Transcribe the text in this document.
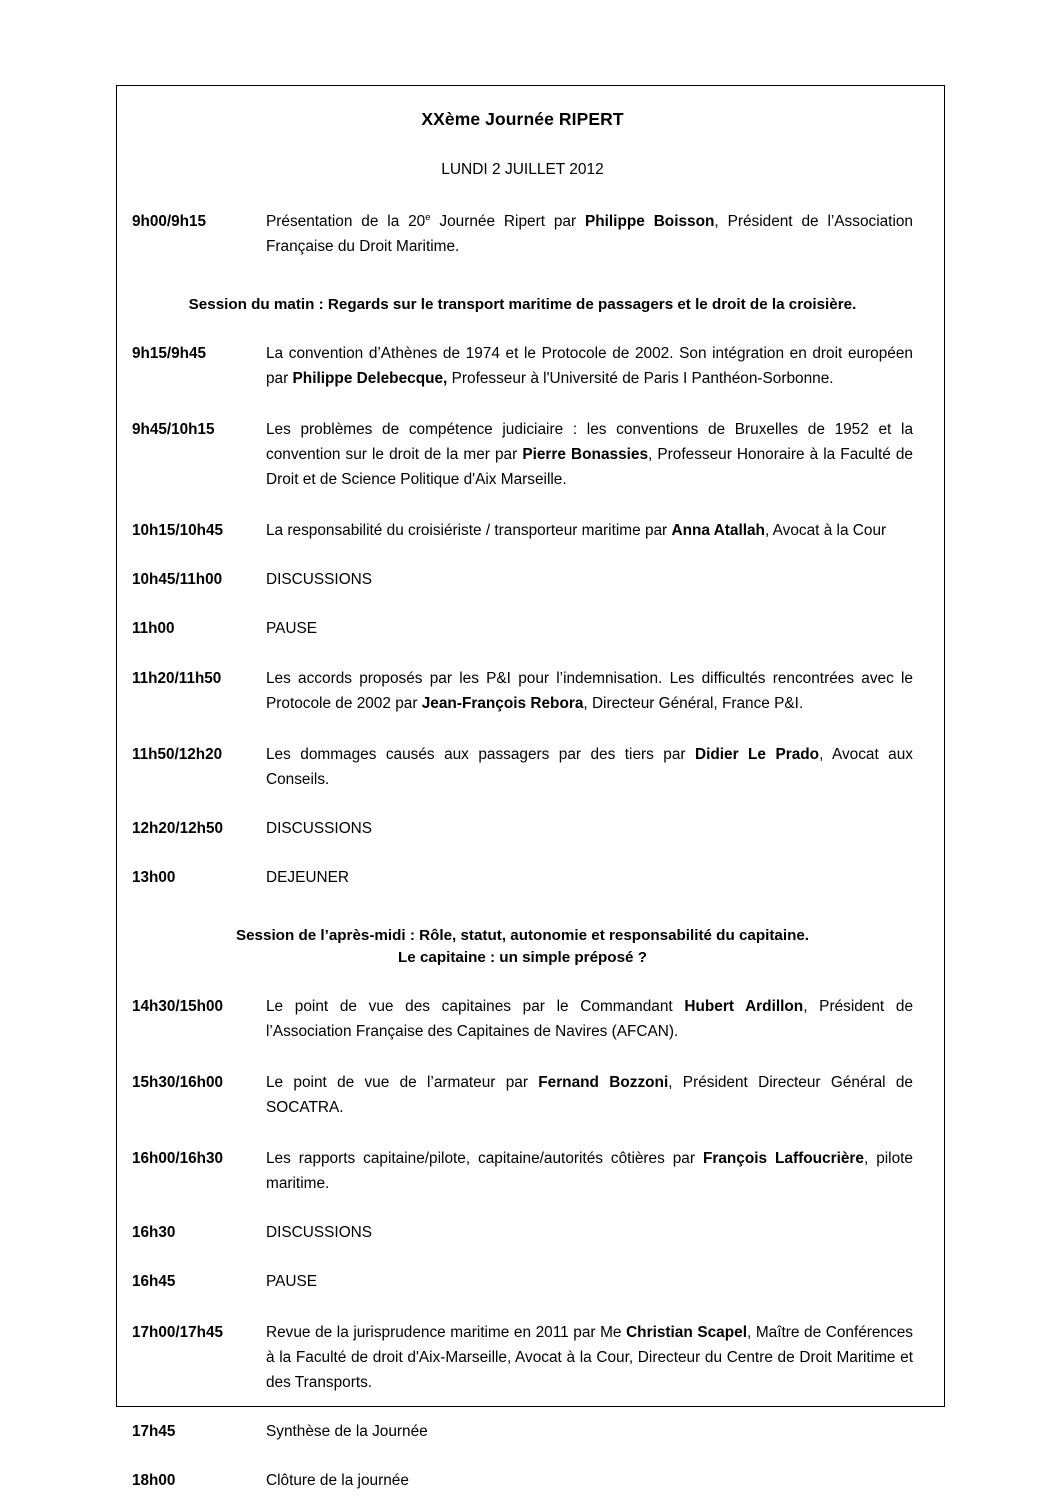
XXème Journée RIPERT
LUNDI 2 JUILLET 2012
9h00/9h15	Présentation de la 20e Journée Ripert par Philippe Boisson, Président de l’Association Française du Droit Maritime.
Session du matin : Regards sur le transport maritime de passagers et le droit de la croisière.
9h15/9h45	La convention d’Athènes de 1974 et le Protocole de 2002. Son intégration en droit européen par Philippe Delebecque, Professeur à l'Université de Paris I Panthéon-Sorbonne.
9h45/10h15	Les problèmes de compétence judiciaire : les conventions de Bruxelles de 1952 et la convention sur le droit de la mer par Pierre Bonassies, Professeur Honoraire à la Faculté de Droit et de Science Politique d'Aix Marseille.
10h15/10h45	La responsabilité du croisiériste / transporteur maritime par Anna Atallah, Avocat à la Cour
10h45/11h00	DISCUSSIONS
11h00	PAUSE
11h20/11h50	Les accords proposés par les P&I pour l’indemnisation. Les difficultés rencontrées avec le Protocole de 2002 par Jean-François Rebora, Directeur Général, France P&I.
11h50/12h20	Les dommages causés aux passagers par des tiers par Didier Le Prado, Avocat aux Conseils.
12h20/12h50	DISCUSSIONS
13h00	DEJEUNER
Session de l’après-midi : Rôle, statut, autonomie et responsabilité du capitaine.
Le capitaine : un simple préposé ?
14h30/15h00	Le point de vue des capitaines par le Commandant Hubert Ardillon, Président de l’Association Française des Capitaines de Navires (AFCAN).
15h30/16h00	Le point de vue de l’armateur par Fernand Bozzoni, Président Directeur Général de SOCATRA.
16h00/16h30	Les rapports capitaine/pilote, capitaine/autorités côtières par François Laffoucrière, pilote maritime.
16h30	DISCUSSIONS
16h45	PAUSE
17h00/17h45	Revue de la jurisprudence maritime en 2011 par Me Christian Scapel, Maître de Conférences à la Faculté de droit d'Aix-Marseille, Avocat à la Cour, Directeur du Centre de Droit Maritime et des Transports.
17h45	Synthèse de la Journée
18h00	Clôture de la journée
